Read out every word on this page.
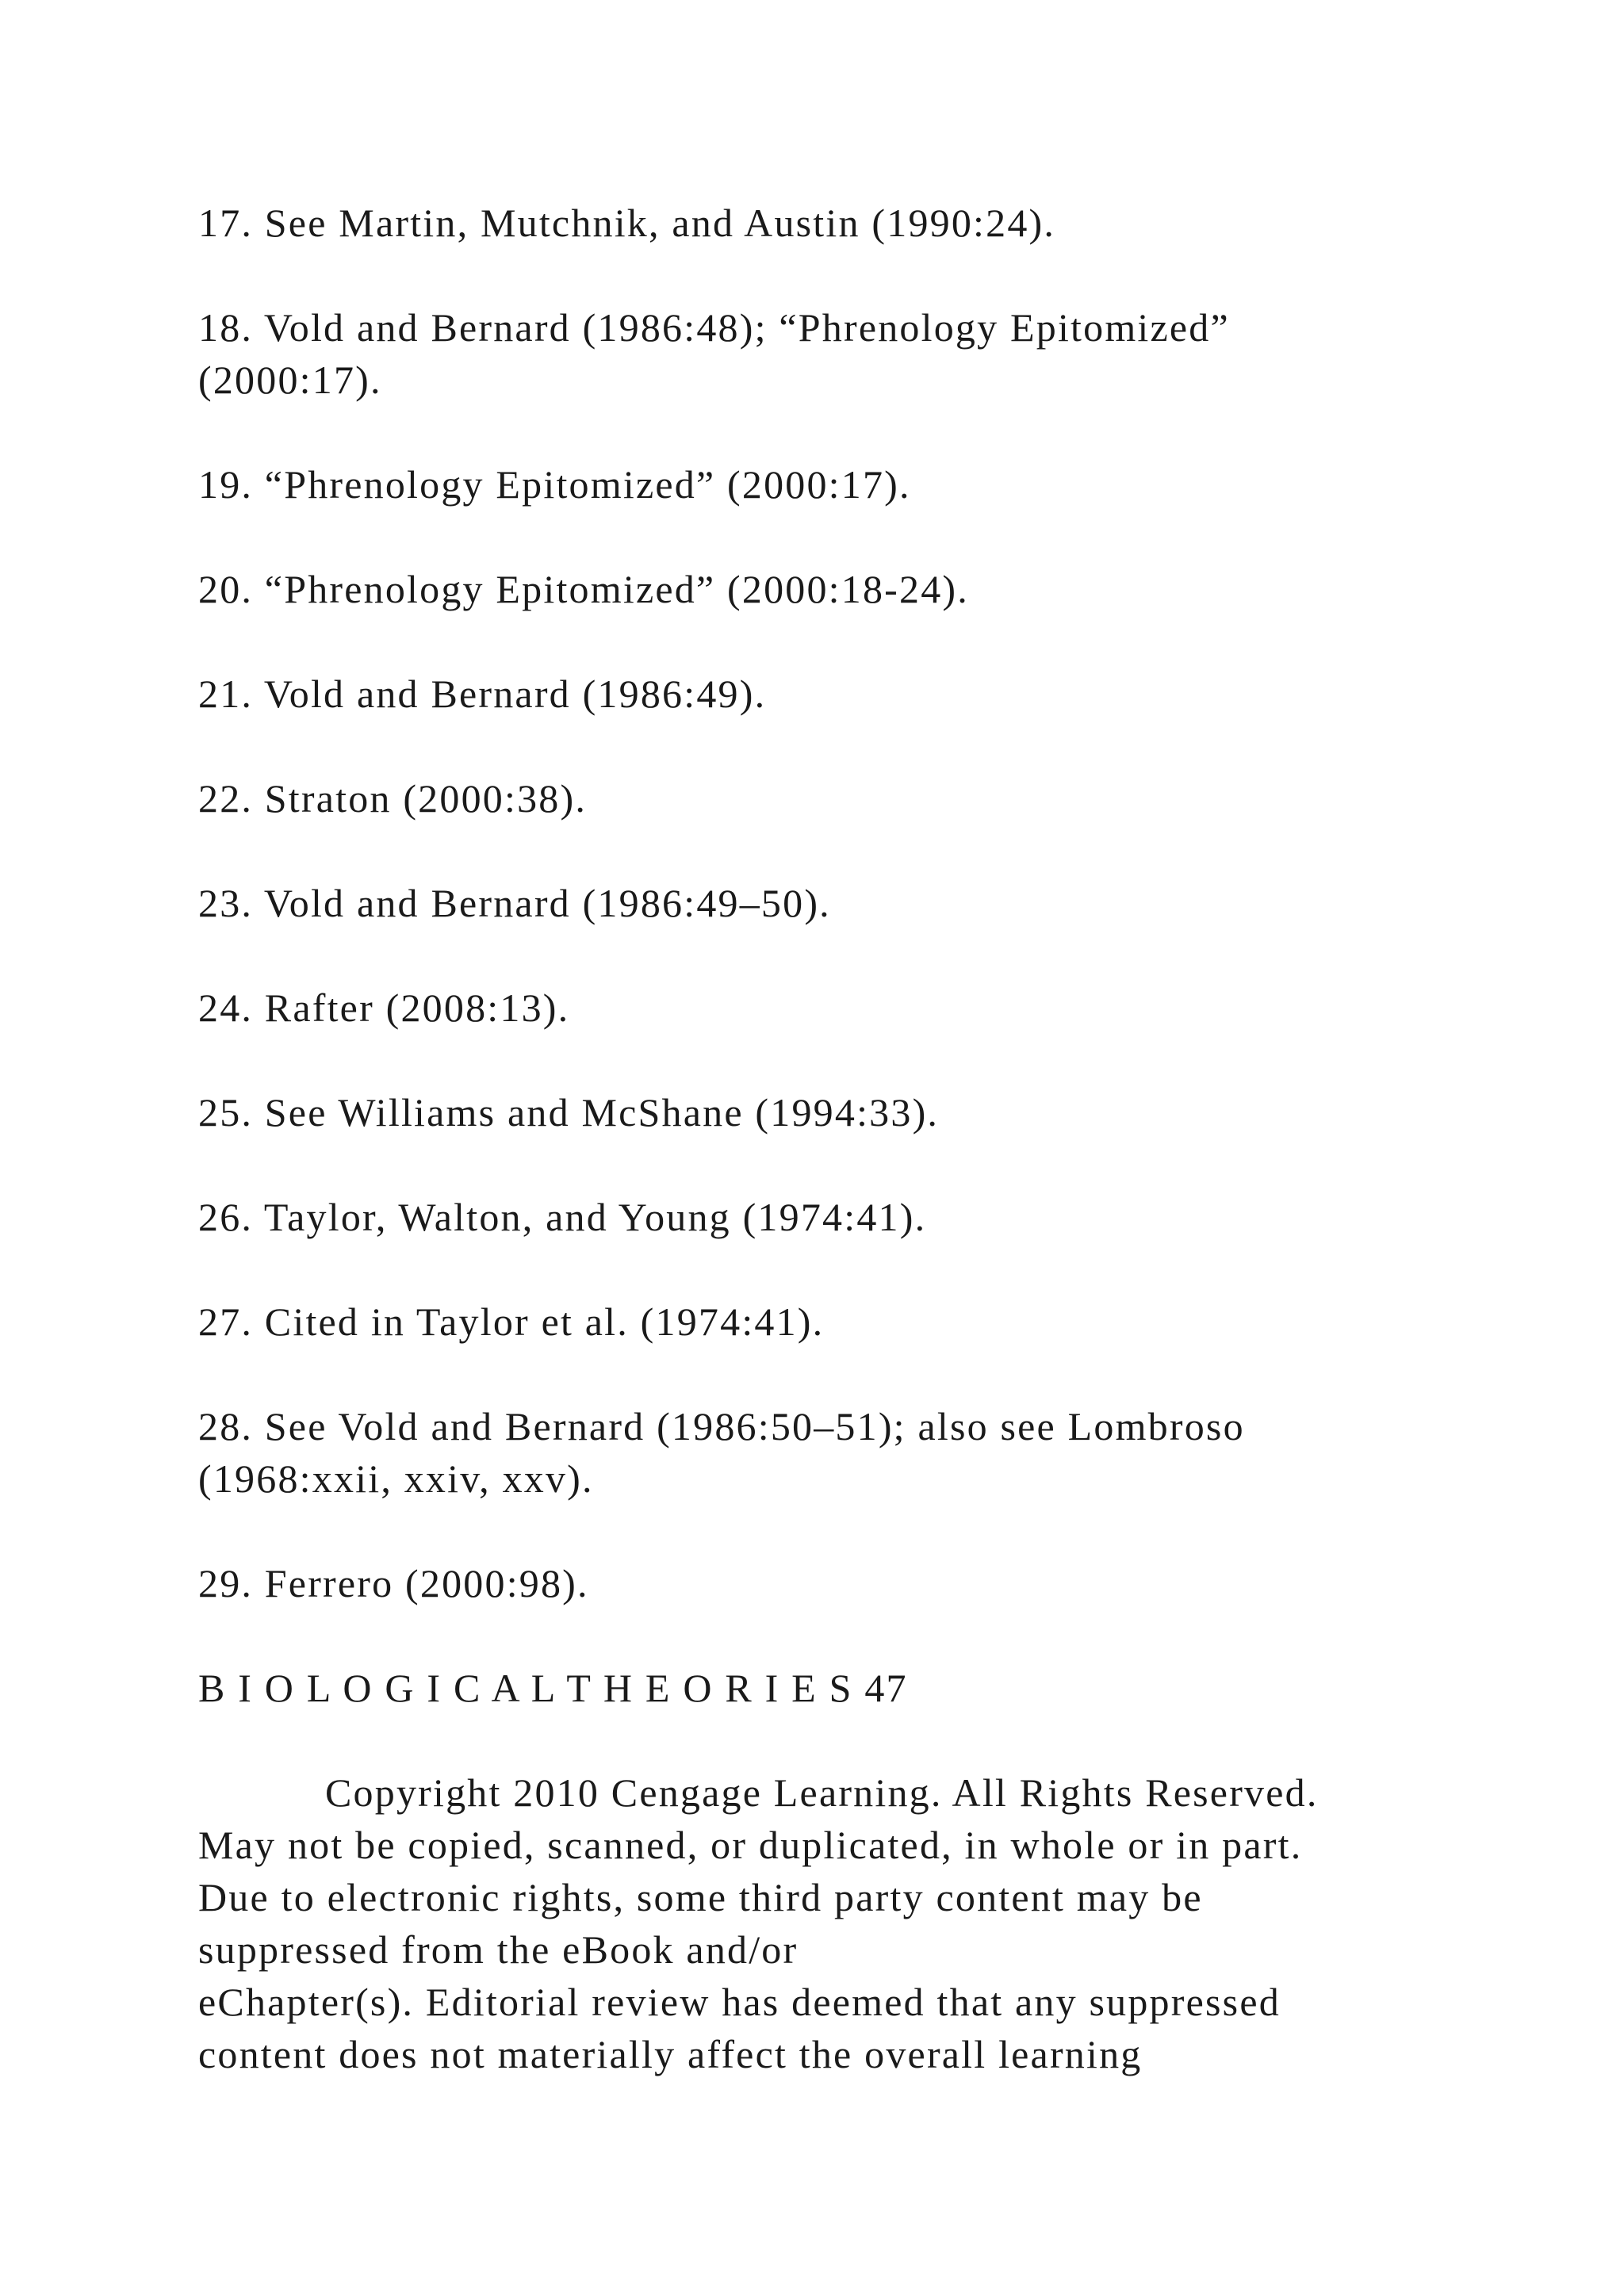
17. See Martin, Mutchnik, and Austin (1990:24).

18. Vold and Bernard (1986:48); “Phrenology Epitomized”
(2000:17).

19. “Phrenology Epitomized” (2000:17).

20. “Phrenology Epitomized” (2000:18-24).

21. Vold and Bernard (1986:49).

22. Straton (2000:38).

23. Vold and Bernard (1986:49–50).

24. Rafter (2008:13).

25. See Williams and McShane (1994:33).

26. Taylor, Walton, and Young (1974:41).

27. Cited in Taylor et al. (1974:41).

28. See Vold and Bernard (1986:50–51); also see Lombroso
(1968:xxii, xxiv, xxv).

29. Ferrero (2000:98).

B I O L O G I C A L T H E O R I E S 47

Copyright 2010 Cengage Learning. All Rights Reserved.
May not be copied, scanned, or duplicated, in whole or in part.
Due to electronic rights, some third party content may be
suppressed from the eBook and/or
eChapter(s). Editorial review has deemed that any suppressed
content does not materially affect the overall learning
